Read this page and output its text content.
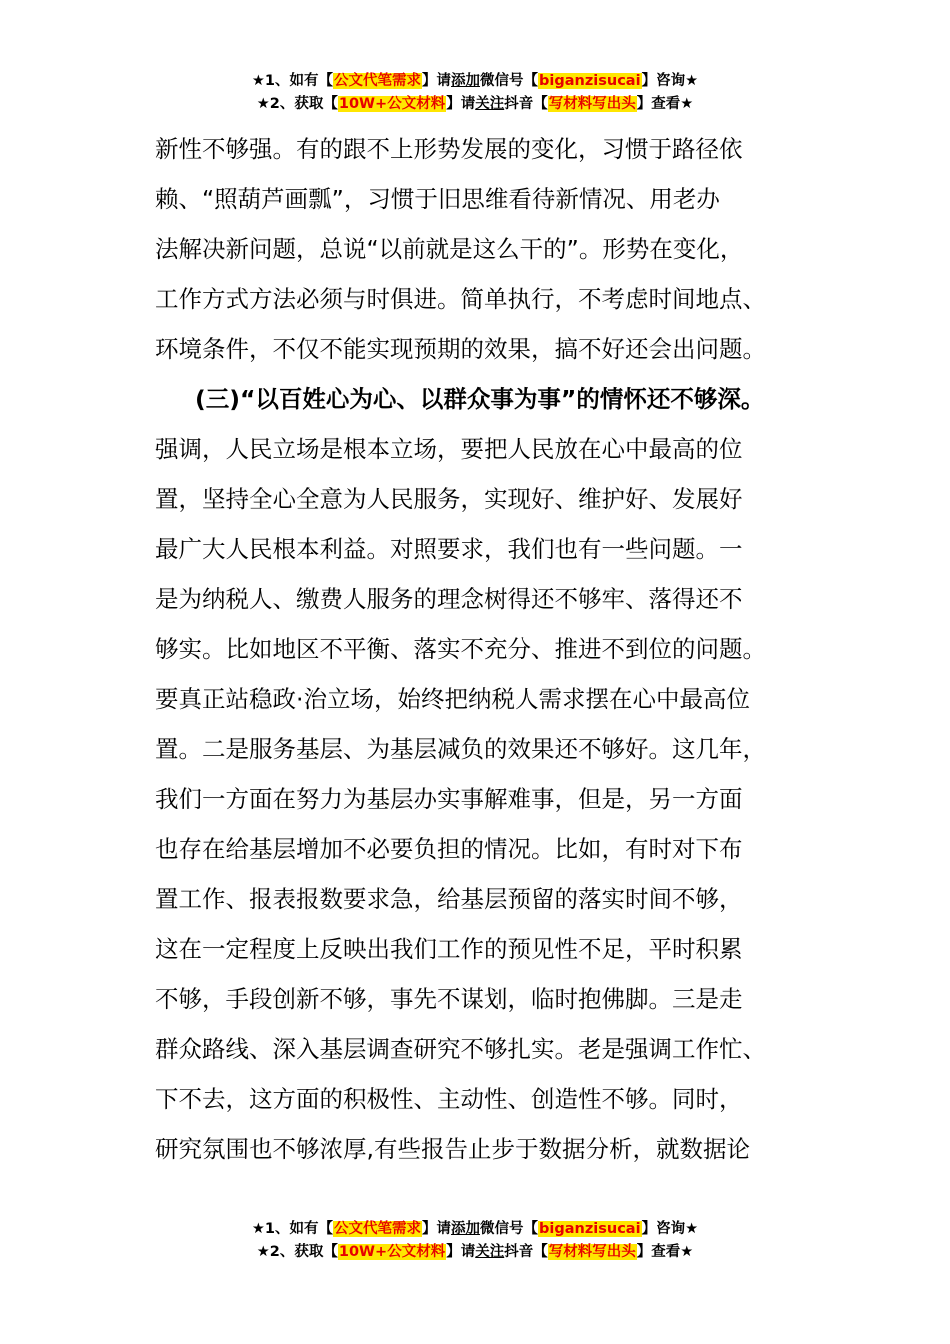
★1、如有【公文代笔需求】请添加微信号【biganzisucai】咨询★
★2、获取【10W+公文材料】请关注抖音【写材料写出头】查看★
新性不够强。有的跟不上形势发展的变化，习惯于路径依
赖、“照葫芦画瓢”，习惯于旧思维看待新情况、用老办
法解决新问题，总说“以前就是这么干的”。形势在变化，
工作方式方法必须与时俱进。简单执行，不考虑时间地点、
环境条件，不仅不能实现预期的效果，搞不好还会出问题。
(三)“以百姓心为心、以群众事为事”的情怀还不够深。
强调，人民立场是根本立场，要把人民放在心中最高的位
置，坚持全心全意为人民服务，实现好、维护好、发展好
最广大人民根本利益。对照要求，我们也有一些问题。一
是为纳税人、缴费人服务的理念树得还不够牢、落得还不
够实。比如地区不平衡、落实不充分、推进不到位的问题。
要真正站稳政·治立场，始终把纳税人需求摆在心中最高位
置。二是服务基层、为基层减负的效果还不够好。这几年，
我们一方面在努力为基层办实事解难事，但是，另一方面
也存在给基层增加不必要负担的情况。比如，有时对下布
置工作、报表报数要求急，给基层预留的落实时间不够，
这在一定程度上反映出我们工作的预见性不足，平时积累
不够，手段创新不够，事先不谋划，临时抱佛脚。三是走
群众路线、深入基层调查研究不够扎实。老是强调工作忙、
下不去，这方面的积极性、主动性、创造性不够。同时，
研究氛围也不够浓厚,有些报告止步于数据分析，就数据论
★1、如有【公文代笔需求】请添加微信号【biganzisucai】咨询★
★2、获取【10W+公文材料】请关注抖音【写材料写出头】查看★
